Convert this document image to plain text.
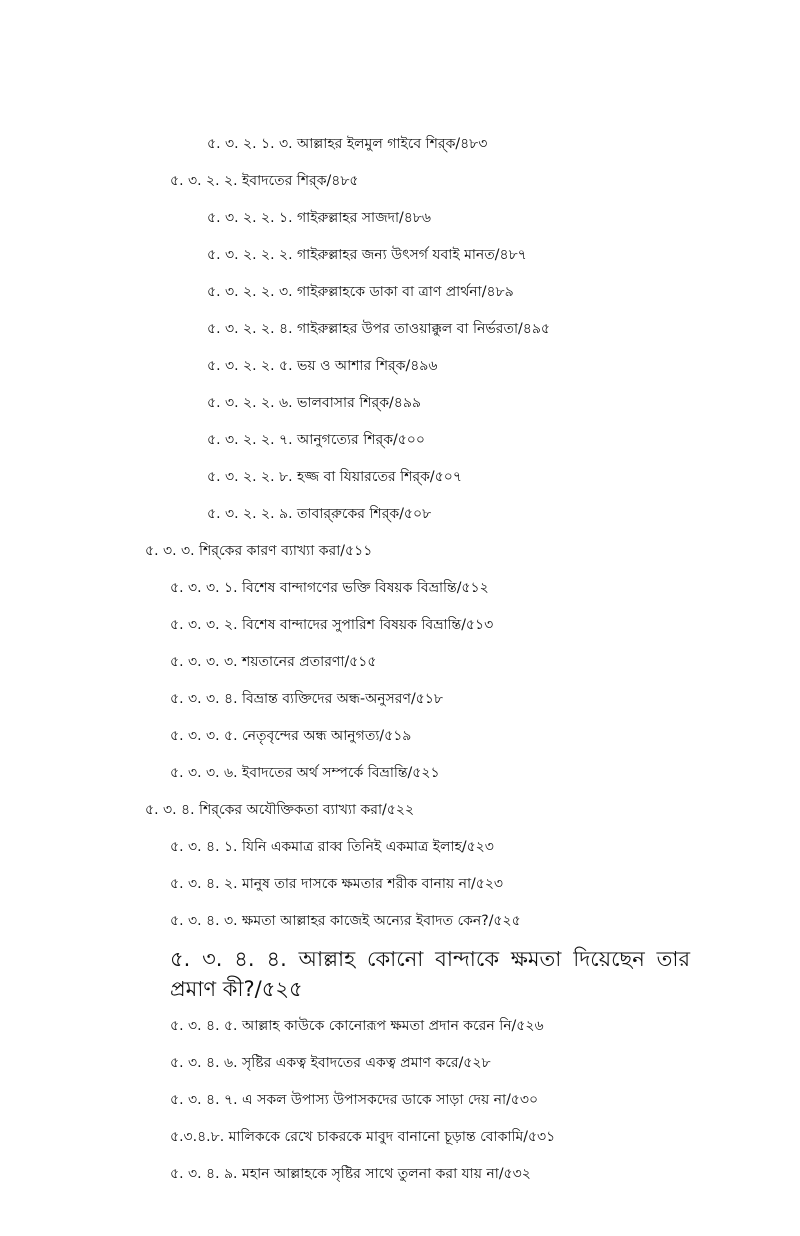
৫. ৩. ২. ১. ৩. আল্লাহর ইলমুল গাইবে শির্‌ক/৪৮৩
৫. ৩. ২. ২. ইবাদতের শির্‌ক/৪৮৫
৫. ৩. ২. ২. ১. গাইরুল্লাহর সাজদা/৪৮৬
৫. ৩. ২. ২. ২. গাইরুল্লাহর জন্য উৎসর্গ যবাই মানত/৪৮৭
৫. ৩. ২. ২. ৩. গাইরুল্লাহকে ডাকা বা ত্রাণ প্রার্থনা/৪৮৯
৫. ৩. ২. ২. ৪. গাইরুল্লাহর উপর তাওয়াক্কুল বা নির্ভরতা/৪৯৫
৫. ৩. ২. ২. ৫. ভয় ও আশার শির্‌ক/৪৯৬
৫. ৩. ২. ২. ৬. ভালবাসার শির্‌ক/৪৯৯
৫. ৩. ২. ২. ৭. আনুগত্যের শির্‌ক/৫০০
৫. ৩. ২. ২. ৮. হজ্জ বা যিয়ারতের শির্‌ক/৫০৭
৫. ৩. ২. ২. ৯. তাবার্‌রুকের শির্‌ক/৫০৮
৫. ৩. ৩. শির্‌কের কারণ ব্যাখ্যা করা/৫১১
৫. ৩. ৩. ১. বিশেষ বান্দাগণের ভক্তি বিষয়ক বিভ্রান্তি/৫১২
৫. ৩. ৩. ২. বিশেষ বান্দাদের সুপারিশ বিষয়ক বিভ্রান্তি/৫১৩
৫. ৩. ৩. ৩. শয়তানের প্রতারণা/৫১৫
৫. ৩. ৩. ৪. বিভ্রান্ত ব্যক্তিদের অন্ধ-অনুসরণ/৫১৮
৫. ৩. ৩. ৫. নেতৃবৃন্দের অন্ধ আনুগত্য/৫১৯
৫. ৩. ৩. ৬. ইবাদতের অর্থ সম্পর্কে বিভ্রান্তি/৫২১
৫. ৩. ৪. শির্‌কের অযৌক্তিকতা ব্যাখ্যা করা/৫২২
৫. ৩. ৪. ১. যিনি একমাত্র রাব্ব তিনিই একমাত্র ইলাহ/৫২৩
৫. ৩. ৪. ২. মানুষ তার দাসকে ক্ষমতার শরীক বানায় না/৫২৩
৫. ৩. ৪. ৩. ক্ষমতা আল্লাহর কাজেই অন্যের ইবাদত কেন?/৫২৫
৫. ৩. ৪. ৪. আল্লাহ কোনো বান্দাকে ক্ষমতা দিয়েছেন তার প্রমাণ কী?/৫২৫
৫. ৩. ৪. ৫. আল্লাহ কাউকে কোনোরূপ ক্ষমতা প্রদান করেন নি/৫২৬
৫. ৩. ৪. ৬. সৃষ্টির একত্ব ইবাদতের একত্ব প্রমাণ করে/৫২৮
৫. ৩. ৪. ৭. এ সকল উপাস্য উপাসকদের ডাকে সাড়া দেয় না/৫৩০
৫.৩.৪.৮. মালিককে রেখে চাকরকে মাবুদ বানানো চূড়ান্ত বোকামি/৫৩১
৫. ৩. ৪. ৯. মহান আল্লাহকে সৃষ্টির সাথে তুলনা করা যায় না/৫৩২
